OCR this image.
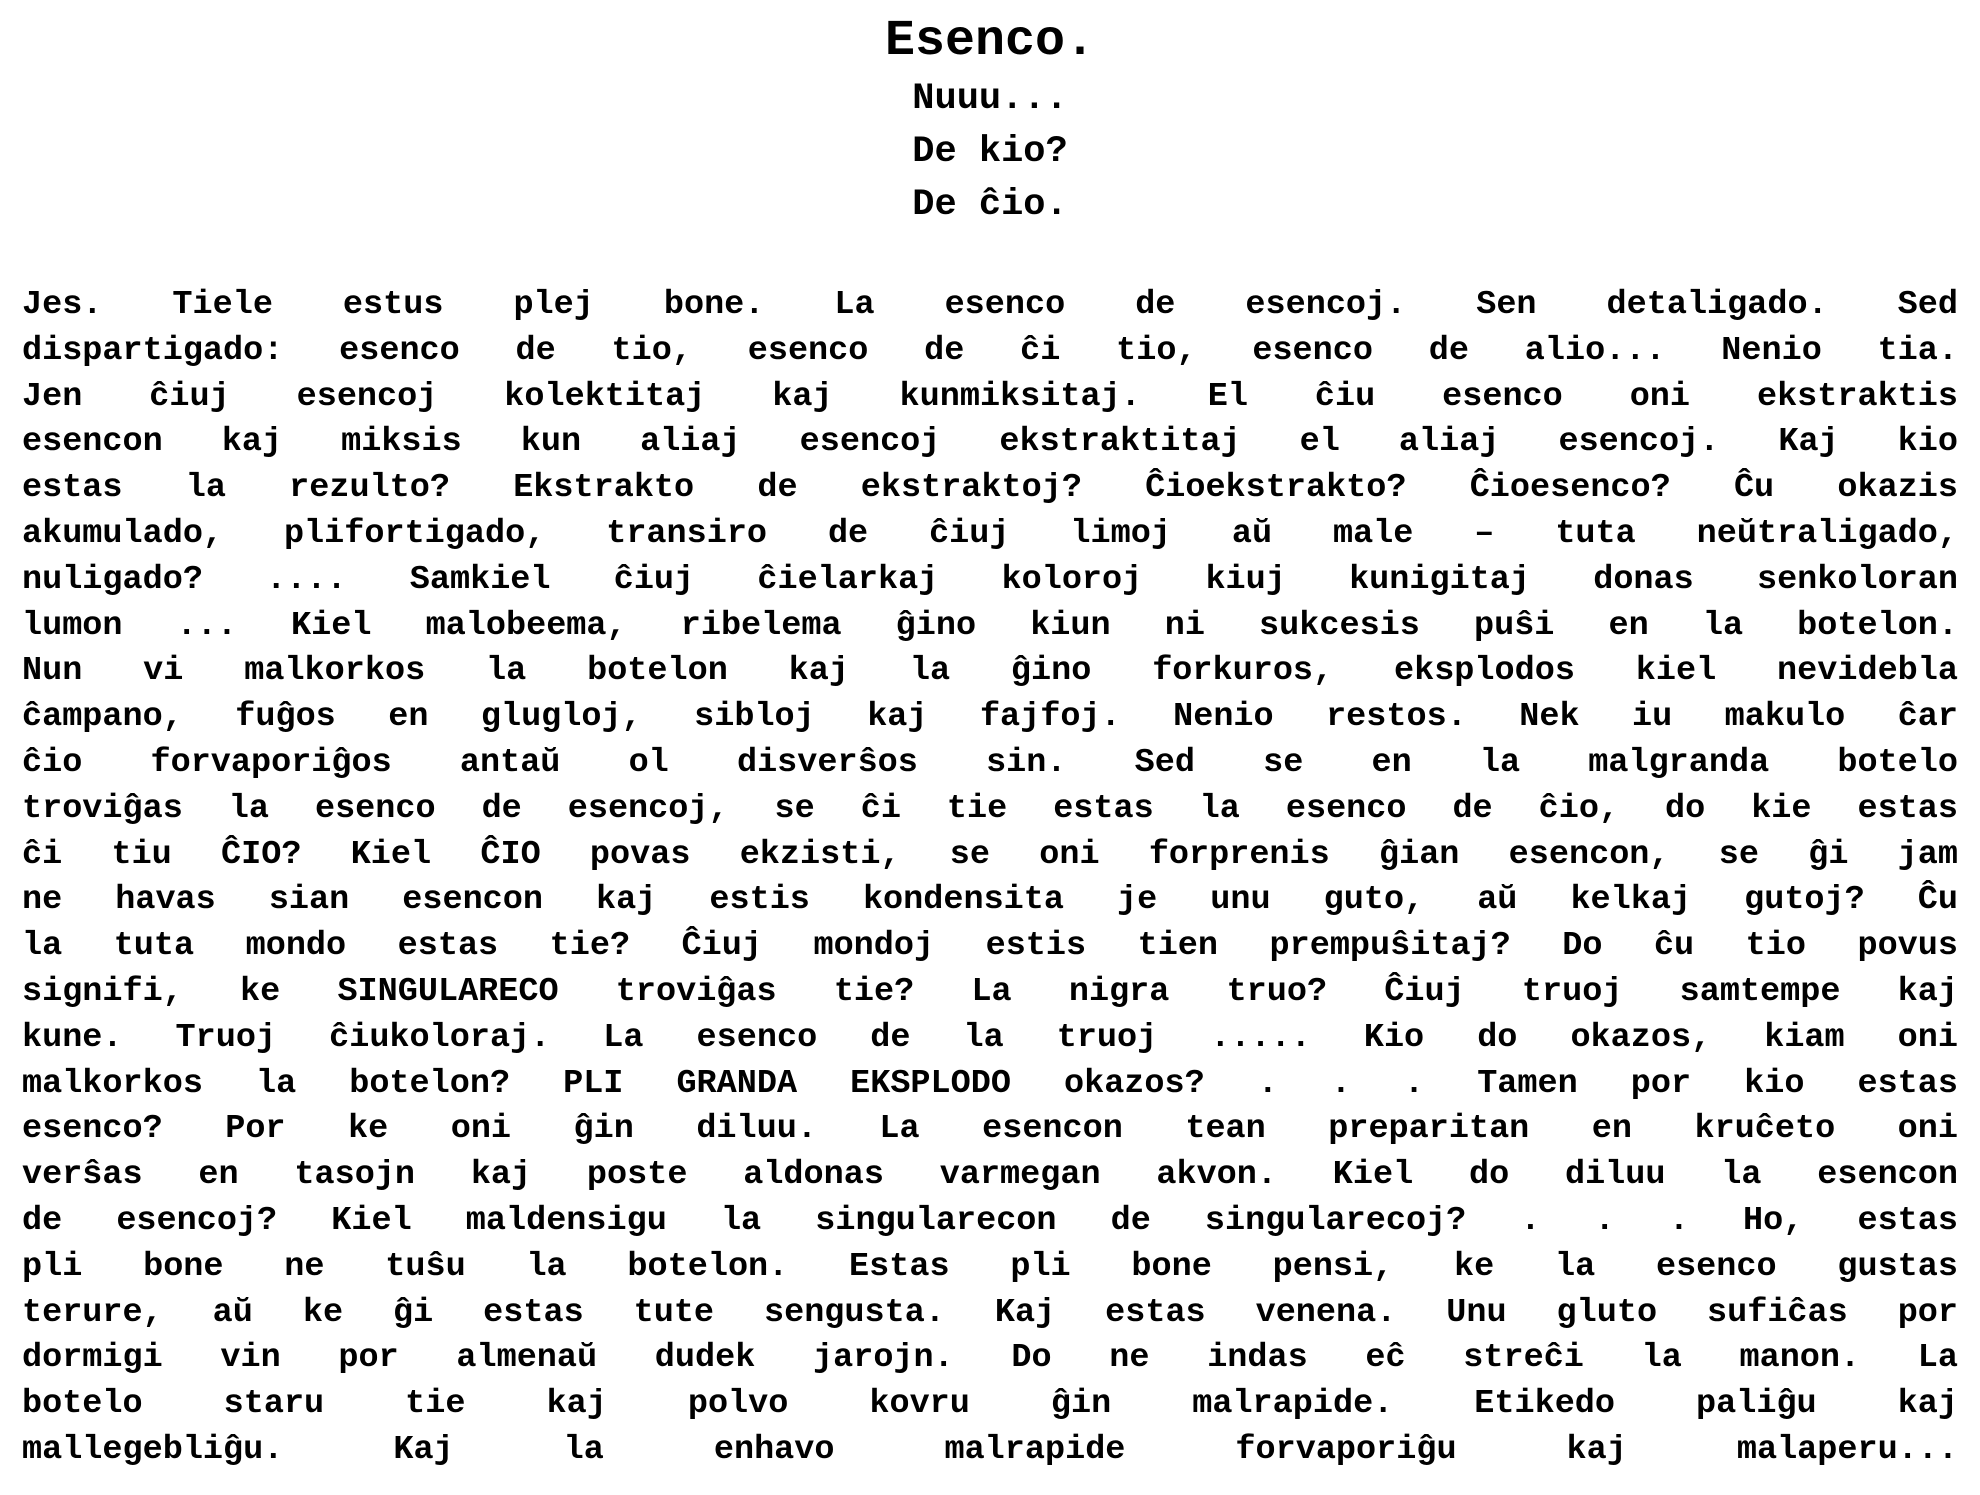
Esenco.
Nuuu...
De kio?
De ĉio.
Jes. Tiele estus plej bone. La esenco de esencoj. Sen detaligado. Sed
dispartigado: esenco de tio, esenco de ĉi tio, esenco de alio... Nenio tia.
Jen ĉiuj esencoj kolektitaj kaj kunmiksitaj. El ĉiu esenco oni ekstraktis
esencon kaj miksis kun aliaj esencoj ekstraktitaj el aliaj esencoj. Kaj kio
estas la rezulto? Ekstrakto de ekstraktoj? Ĉioekstrakto? Ĉioesenco? Ĉu okazis
akumulado, plifortigado, transiro de ĉiuj limoj aŭ male – tuta neŭtraligado,
nuligado? .... Samkiel ĉiuj ĉielarkaj koloroj kiuj kunigitaj donas senkoloran
lumon ... Kiel malobeema, ribelema ĝino kiun ni sukcesis puŝi en la botelon.
Nun vi malkorkos la botelon kaj la ĝino forkuros, eksplodos kiel nevidebla
ĉampano, fuĝos en glugloj, sibloj kaj fajfoj. Nenio restos. Nek iu makulo ĉar
ĉio forvaporiĝos antaŭ ol disverŝos sin. Sed se en la malgranda botelo
troviĝas la esenco de esencoj, se ĉi tie estas la esenco de ĉio, do kie estas
ĉi tiu ĈIO? Kiel ĈIO povas ekzisti, se oni forprenis ĝian esencon, se ĝi jam
ne havas sian esencon kaj estis kondensita je unu guto, aŭ kelkaj gutoj? Ĉu
la tuta mondo estas tie? Ĉiuj mondoj estis tien prempuŝitaj? Do ĉu tio povus
signifi, ke SINGULARECO troviĝas tie? La nigra truo? Ĉiuj truoj samtempe kaj
kune. Truoj ĉiukoloraj. La esenco de la truoj ..... Kio do okazos, kiam oni
malkorkos la botelon? PLI GRANDA EKSPLODO okazos? . . . Tamen por kio estas
esenco? Por ke oni ĝin diluu. La esencon tean preparitan en kruĉeto oni
verŝas en tasojn kaj poste aldonas varmegan akvon. Kiel do diluu la esencon
de esencoj? Kiel maldensigu la singularecon de singularecoj? . . . Ho, estas
pli bone ne tuŝu la botelon. Estas pli bone pensi, ke la esenco gustas
terure, aŭ ke ĝi estas tute sengusta. Kaj estas venena. Unu gluto sufiĉas por
dormigi vin por almenaŭ dudek jarojn. Do ne indas eĉ streĉi la manon. La
botelo staru tie kaj polvo kovru ĝin malrapide. Etikedo paliĝu kaj
mallegebliĝu. Kaj la enhavo malrapide forvaporiĝu kaj malaperu...
